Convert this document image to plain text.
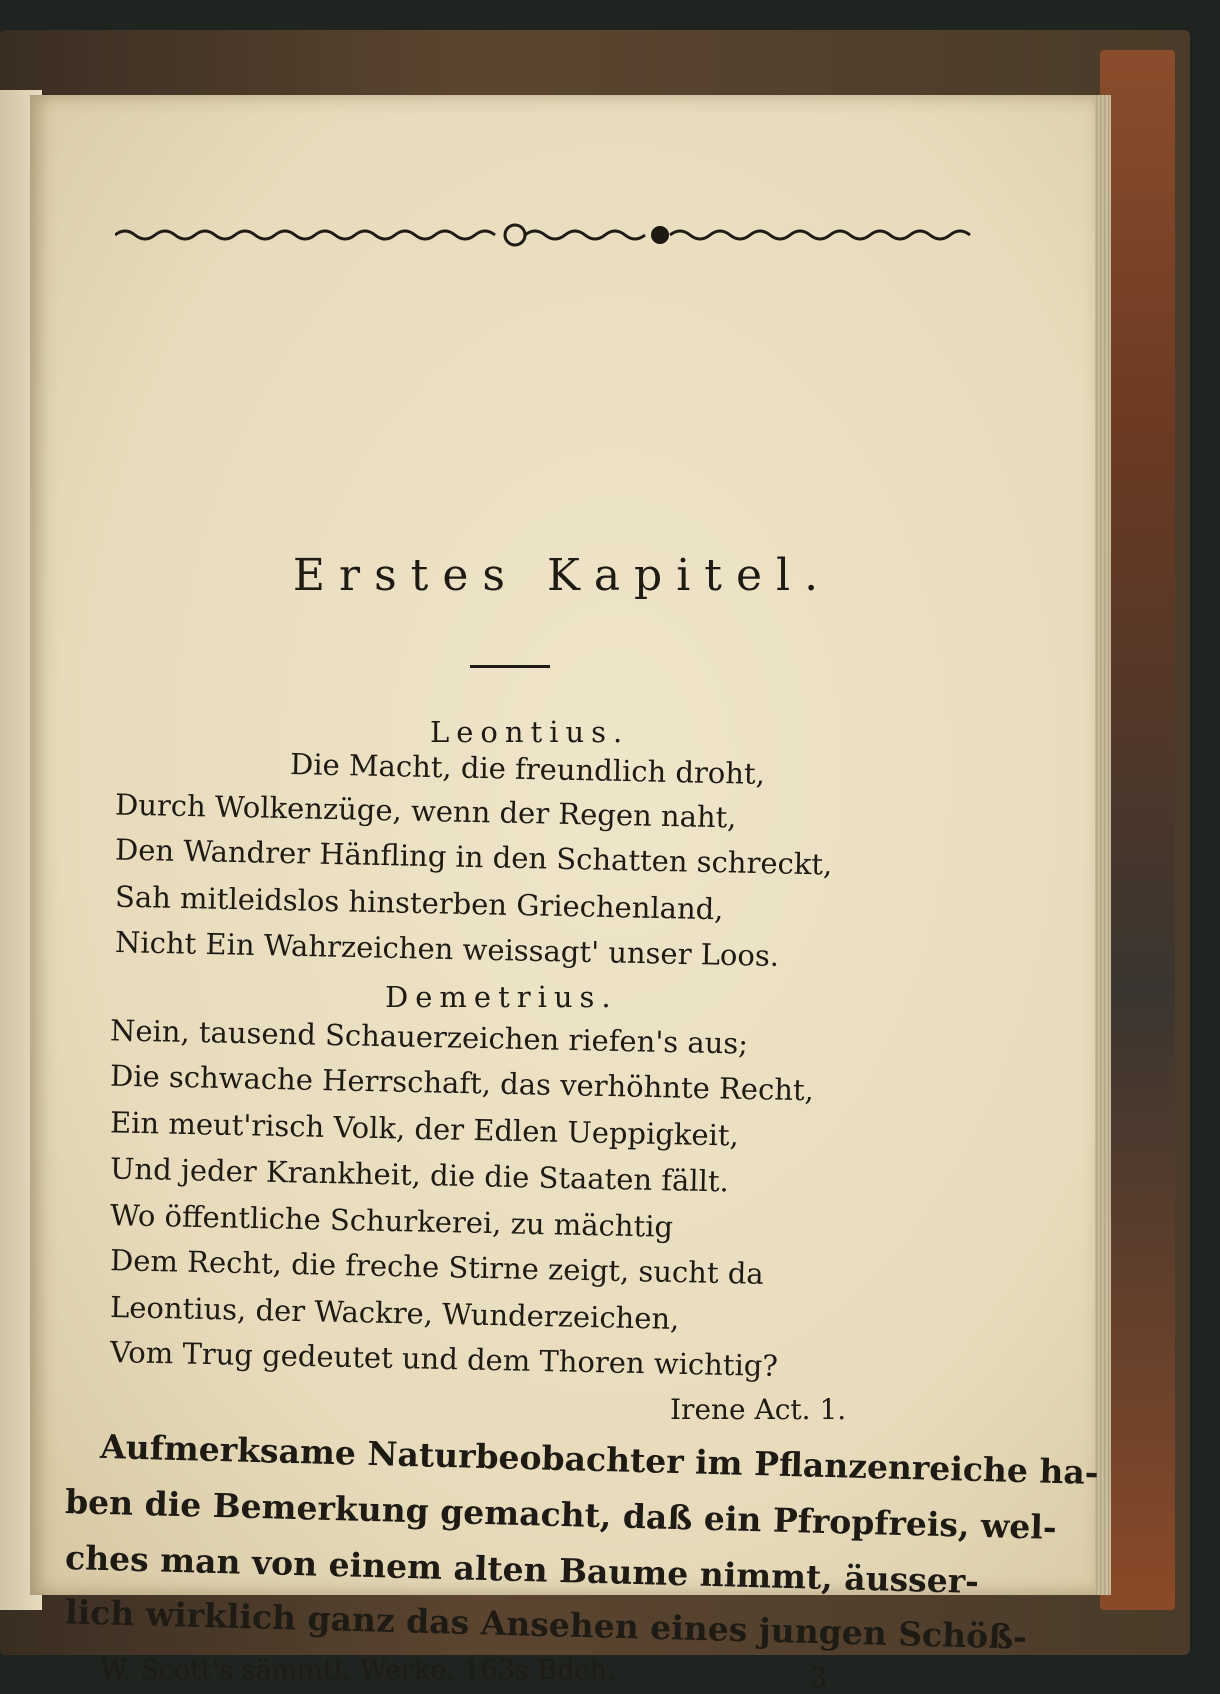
Erstes Kapitel.
Leontius.
Die Macht, die freundlich droht,
Durch Wolkenzüge, wenn der Regen naht,
Den Wandrer Hänfling in den Schatten schreckt,
Sah mitleidslos hinsterben Griechenland,
Nicht Ein Wahrzeichen weissagt' unser Loos.
Demetrius.
Nein, tausend Schauerzeichen riefen's aus;
Die schwache Herrschaft, das verhöhnte Recht,
Ein meut'risch Volk, der Edlen Ueppigkeit,
Und jeder Krankheit, die die Staaten fällt.
Wo öffentliche Schurkerei, zu mächtig
Dem Recht, die freche Stirne zeigt, sucht da
Leontius, der Wackre, Wunderzeichen,
Vom Trug gedeutet und dem Thoren wichtig?
Irene Act. 1.
Aufmerksame Naturbeobachter im Pflanzenreiche ha-
ben die Bemerkung gemacht, daß ein Pfropfreis, wel-
ches man von einem alten Baume nimmt, äusser-
lich wirklich ganz das Ansehen eines jungen Schöß-
W. Scott's sämmtl. Werke. 163s Bdch.	3
